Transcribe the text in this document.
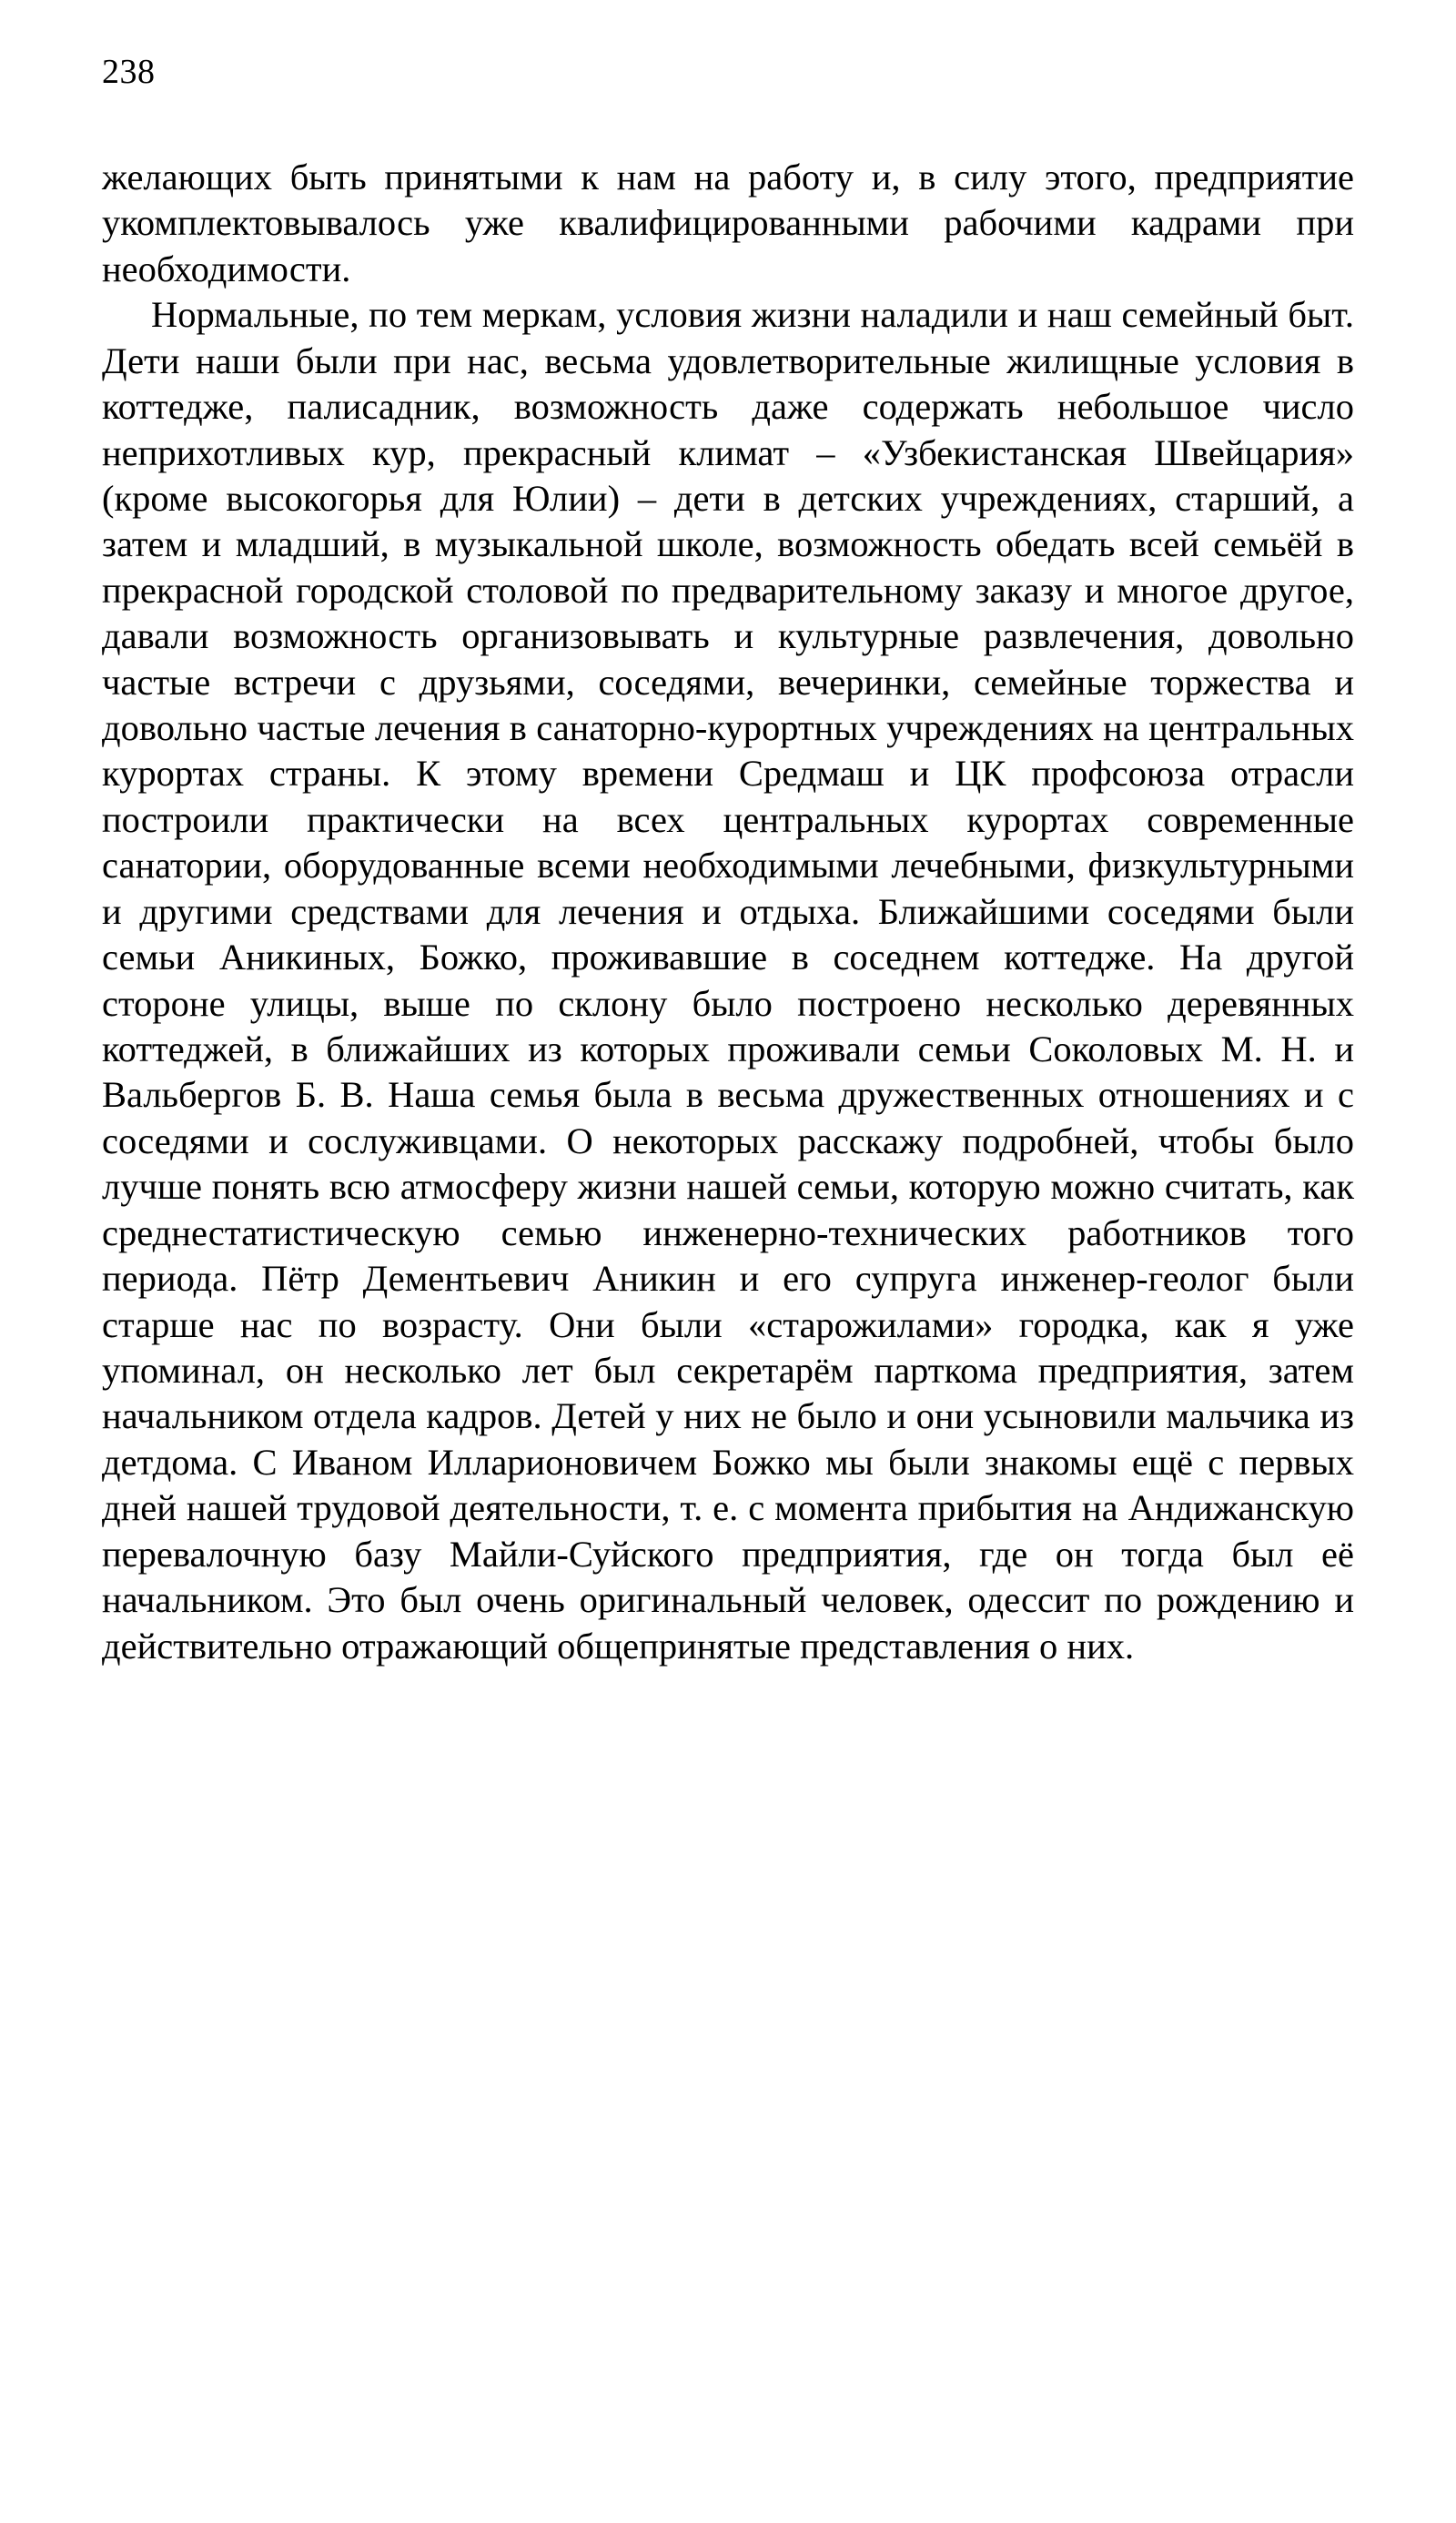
238

желающих быть принятыми к нам на работу и, в силу этого, предприятие укомплектовывалось уже квалифицированными рабочими кадрами при необходимости.

Нормальные, по тем меркам, условия жизни наладили и наш семейный быт. Дети наши были при нас, весьма удовлетворительные жилищные условия в коттедже, палисадник, возможность даже содержать небольшое число неприхотливых кур, прекрасный климат – «Узбекистанская Швейцария» (кроме высокогорья для Юлии) – дети в детских учреждениях, старший, а затем и младший, в музыкальной школе, возможность обедать всей семьёй в прекрасной городской столовой по предварительному заказу и многое другое, давали возможность организовывать и культурные развлечения, довольно частые встречи с друзьями, соседями, вечеринки, семейные торжества и довольно частые лечения в санаторно-курортных учреждениях на центральных курортах страны. К этому времени Средмаш и ЦК профсоюза отрасли построили практически на всех центральных курортах современные санатории, оборудованные всеми необходимыми лечебными, физкультурными и другими средствами для лечения и отдыха. Ближайшими соседями были семьи Аникиных, Божко, проживавшие в соседнем коттедже. На другой стороне улицы, выше по склону было построено несколько деревянных коттеджей, в ближайших из которых проживали семьи Соколовых М. Н. и Вальбергов Б. В. Наша семья была в весьма дружественных отношениях и с соседями и сослуживцами. О некоторых расскажу подробней, чтобы было лучше понять всю атмосферу жизни нашей семьи, которую можно считать, как среднестатистическую семью инженерно-технических работников того периода. Пётр Дементьевич Аникин и его супруга инженер-геолог были старше нас по возрасту. Они были «старожилами» городка, как я уже упоминал, он несколько лет был секретарём парткома предприятия, затем начальником отдела кадров. Детей у них не было и они усыновили мальчика из детдома. С Иваном Илларионовичем Божко мы были знакомы ещё с первых дней нашей трудовой деятельности, т. е. с момента прибытия на Андижанскую перевалочную базу Майли-Суйского предприятия, где он тогда был её начальником. Это был очень оригинальный человек, одессит по рождению и действительно отражающий общепринятые представления о них.
